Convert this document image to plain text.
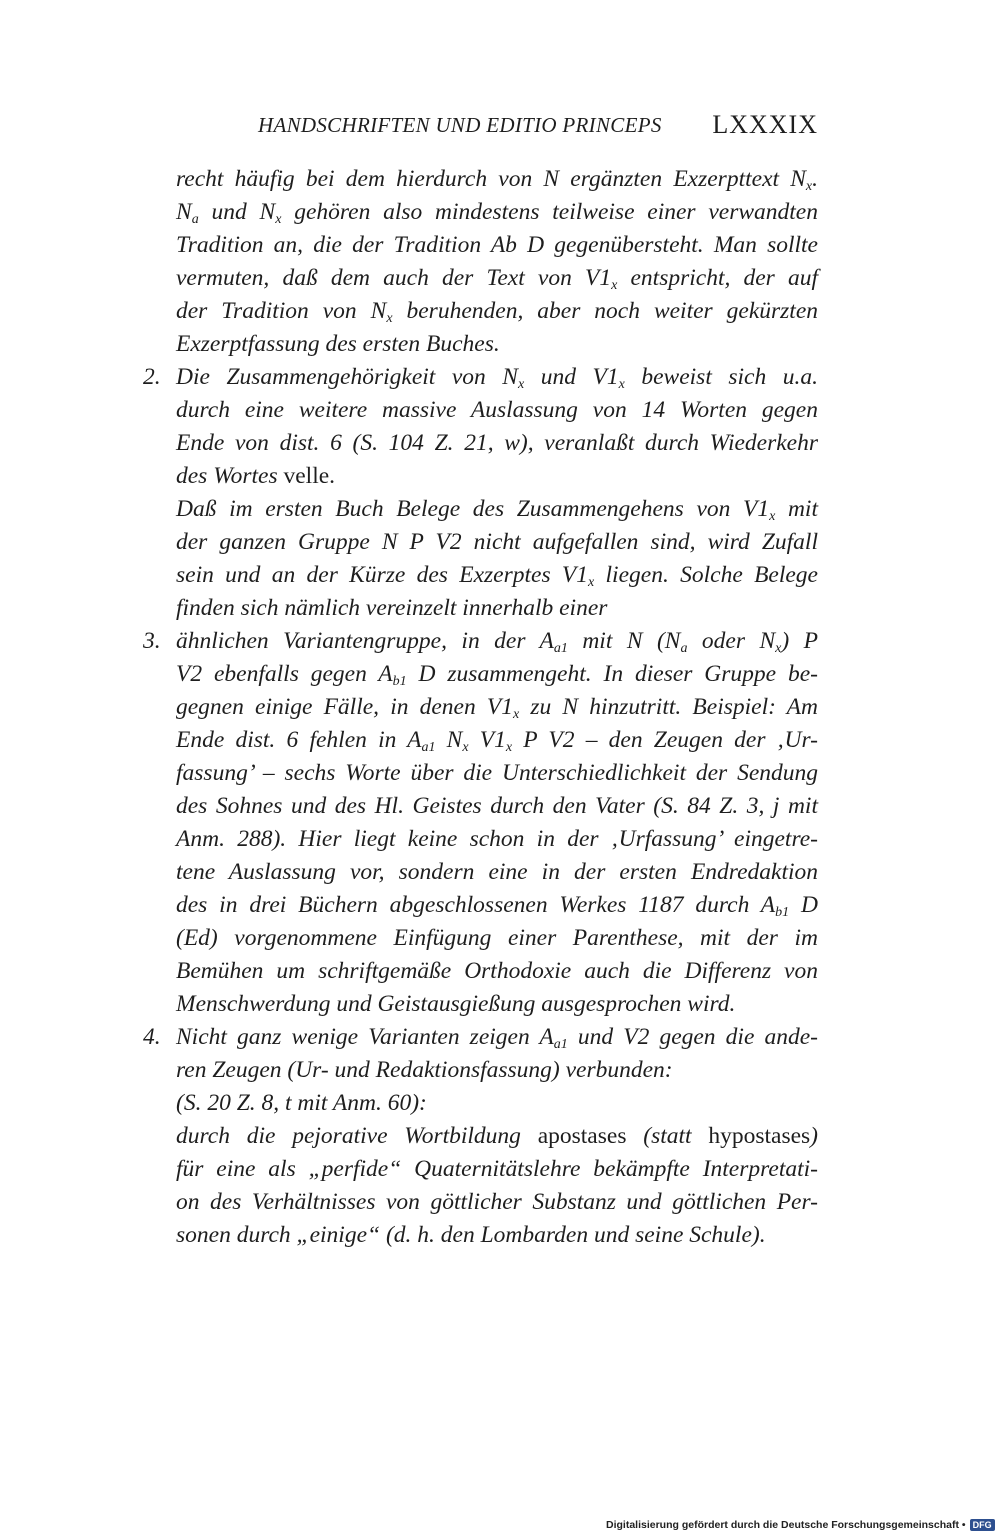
HANDSCHRIFTEN UND EDITIO PRINCEPS LXXXIX
recht häufig bei dem hierdurch von N ergänzten Exzerpttext $N_x$.
$N_a$ und $N_x$ gehören also mindestens teilweise einer verwandten
Tradition an, die der Tradition Ab D gegenübersteht. Man sollte
vermuten, daß dem auch der Text von $V1_x$ entspricht, der auf
der Tradition von $N_x$ beruhenden, aber noch weiter gekürzten
Exzerptfassung des ersten Buches.
2. Die Zusammengehörigkeit von $N_x$ und $V1_x$ beweist sich u.a.
durch eine weitere massive Auslassung von 14 Worten gegen
Ende von dist. 6 (S. 104 Z. 21, w), veranlaßt durch Wiederkehr
des Wortes velle.
Daß im ersten Buch Belege des Zusammengehens von $V1_x$ mit
der ganzen Gruppe N P V2 nicht aufgefallen sind, wird Zufall
sein und an der Kürze des Exzerptes $V1_x$ liegen. Solche Belege
finden sich nämlich vereinzelt innerhalb einer
3. ähnlichen Variantengruppe, in der $A_{a1}$ mit N ($N_a$ oder $N_x$) P
V2 ebenfalls gegen $A_{b1}$ D zusammengeht. In dieser Gruppe be-
gegnen einige Fälle, in denen $V1_x$ zu N hinzutritt. Beispiel: Am
Ende dist. 6 fehlen in $A_{a1}$ $N_x$ $V1_x$ P V2 – den Zeugen der ‚Ur-
fassung’ – sechs Worte über die Unterschiedlichkeit der Sendung
des Sohnes und des Hl. Geistes durch den Vater (S. 84 Z. 3, j mit
Anm. 288). Hier liegt keine schon in der ‚Urfassung’ eingetre-
tene Auslassung vor, sondern eine in der ersten Endredaktion
des in drei Büchern abgeschlossenen Werkes 1187 durch $A_{b1}$ D
(Ed) vorgenommene Einfügung einer Parenthese, mit der im
Bemühen um schriftgemäße Orthodoxie auch die Differenz von
Menschwerdung und Geistausgießung ausgesprochen wird.
4. Nicht ganz wenige Varianten zeigen $A_{a1}$ und V2 gegen die ande-
ren Zeugen (Ur- und Redaktionsfassung) verbunden:
(S. 20 Z. 8, t mit Anm. 60):
durch die pejorative Wortbildung apostases (statt hypostases)
für eine als „perfide“ Quaternitätslehre bekämpfte Interpretati-
on des Verhältnisses von göttlicher Substanz und göttlichen Per-
sonen durch „einige“ (d. h. den Lombarden und seine Schule).
Digitalisierung gefördert durch die Deutsche Forschungsgemeinschaft • DFG
